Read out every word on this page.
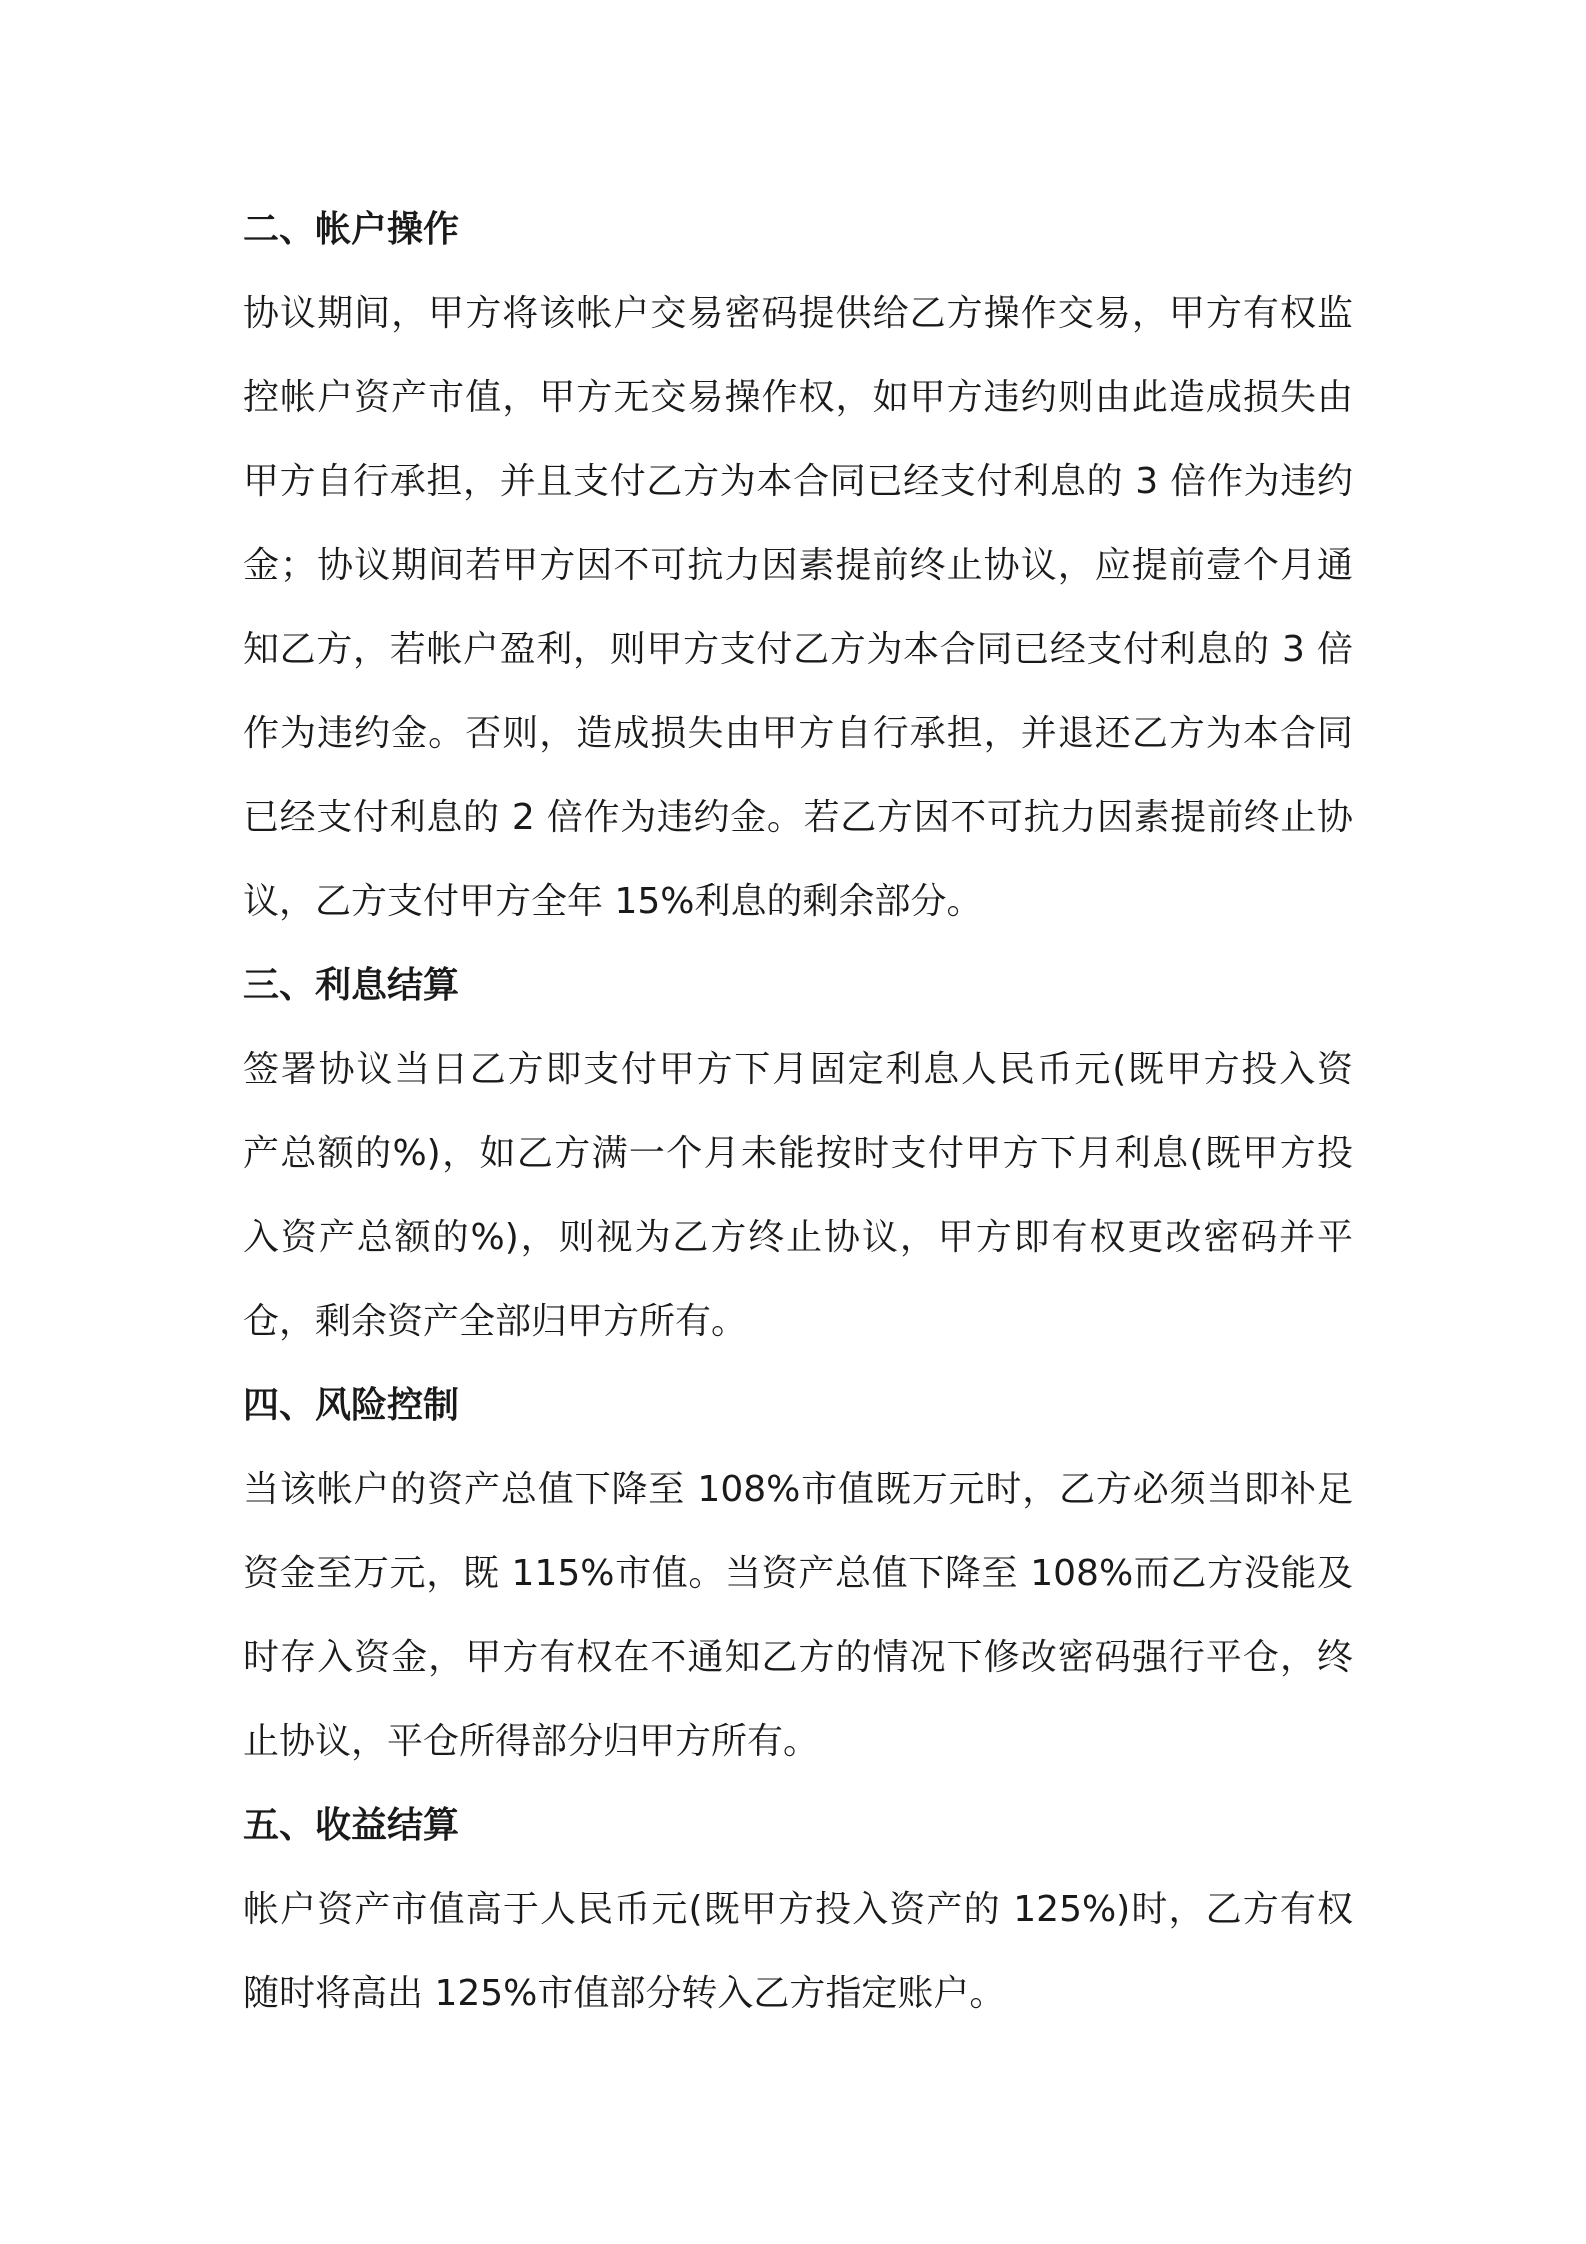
二、帐户操作
协议期间，甲方将该帐户交易密码提供给乙方操作交易，甲方有权监
控帐户资产市值，甲方无交易操作权，如甲方违约则由此造成损失由
甲方自行承担，并且支付乙方为本合同已经支付利息的 3 倍作为违约
金；协议期间若甲方因不可抗力因素提前终止协议，应提前壹个月通
知乙方，若帐户盈利，则甲方支付乙方为本合同已经支付利息的 3 倍
作为违约金。否则，造成损失由甲方自行承担，并退还乙方为本合同
已经支付利息的 2 倍作为违约金。若乙方因不可抗力因素提前终止协
议，乙方支付甲方全年 15%利息的剩余部分。
三、利息结算
签署协议当日乙方即支付甲方下月固定利息人民币元(既甲方投入资
产总额的%)，如乙方满一个月未能按时支付甲方下月利息(既甲方投
入资产总额的%)，则视为乙方终止协议，甲方即有权更改密码并平
仓，剩余资产全部归甲方所有。
四、风险控制
当该帐户的资产总值下降至 108%市值既万元时，乙方必须当即补足
资金至万元，既 115%市值。当资产总值下降至 108%而乙方没能及
时存入资金，甲方有权在不通知乙方的情况下修改密码强行平仓，终
止协议，平仓所得部分归甲方所有。
五、收益结算
帐户资产市值高于人民币元(既甲方投入资产的 125%)时，乙方有权
随时将高出 125%市值部分转入乙方指定账户。
